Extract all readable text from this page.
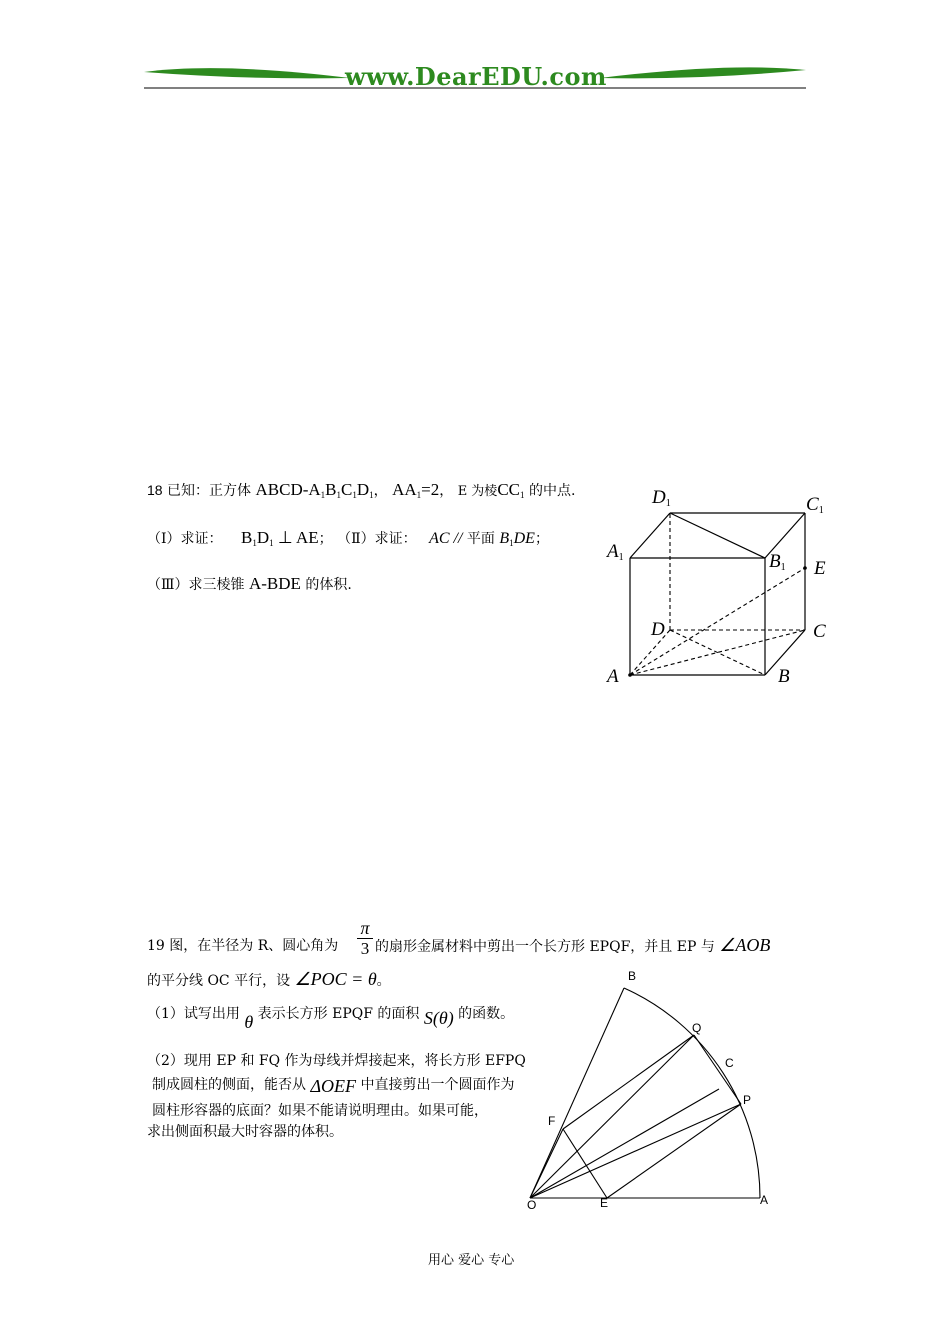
www.DearEDU.com
18 已知：正方体 ABCD-$A_1B_1C_1D_1$， $AA_1=2$， E 为棱$CC_1$ 的中点.
（Ⅰ）求证： $B_1D_1$ ⊥ AE； （Ⅱ）求证： AC // 平面 $B_1DE$；
（Ⅲ）求三棱锥 A-BDE 的体积.
$D_1$	$C_1$
$A_1$	$B_1$ E
D	C
A	B
19 图，在半径为 R、圆心角为
π
3 的扇形金属材料中剪出一个长方形 EPQF，并且 EP 与 ∠AOB
的平分线 OC 平行，设 ∠POC = θ。
（1）试写出用 θ 表示长方形 EPQF 的面积 S(θ) 的函数。
（2）现用 EP 和 FQ 作为母线并焊接起来，将长方形 EFPQ
制成圆柱的侧面，能否从 ΔOEF 中直接剪出一个圆面作为
圆柱形容器的底面？如果不能请说明理由。如果可能，
求出侧面积最大时容器的体积。
B
Q
C
P
F
O	E	A
用心 爱心 专心
